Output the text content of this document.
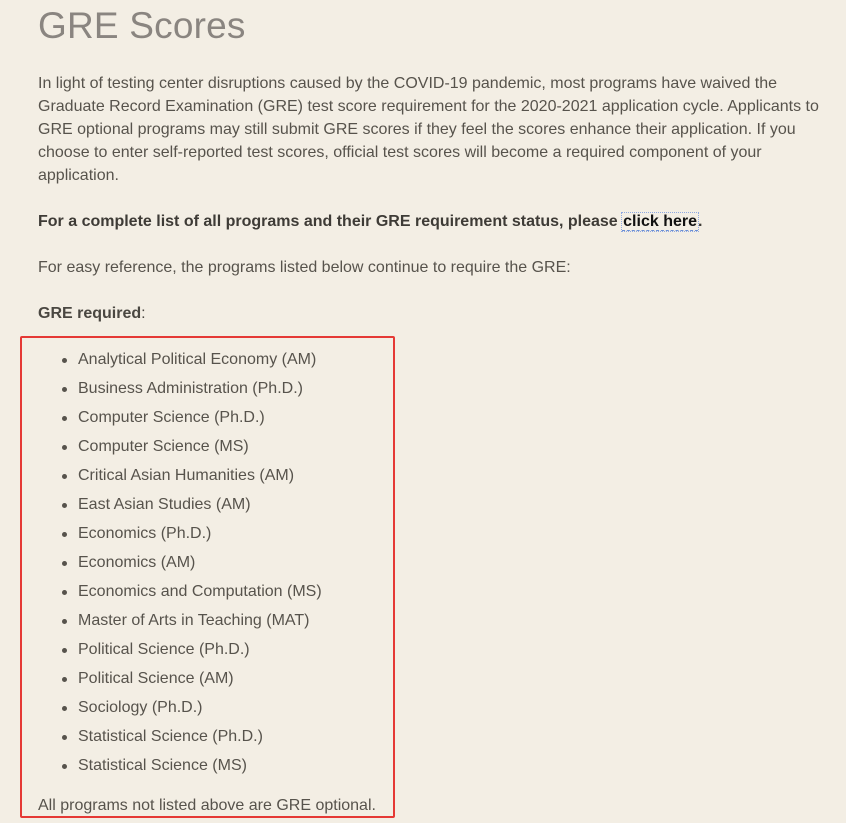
GRE Scores

In light of testing center disruptions caused by the COVID-19 pandemic, most programs have waived the Graduate Record Examination (GRE) test score requirement for the 2020-2021 application cycle. Applicants to GRE optional programs may still submit GRE scores if they feel the scores enhance their application. If you choose to enter self-reported test scores, official test scores will become a required component of your application.

For a complete list of all programs and their GRE requirement status, please click here.

For easy reference, the programs listed below continue to require the GRE:

GRE required:

Analytical Political Economy (AM)
Business Administration (Ph.D.)
Computer Science (Ph.D.)
Computer Science (MS)
Critical Asian Humanities (AM)
East Asian Studies (AM)
Economics (Ph.D.)
Economics (AM)
Economics and Computation (MS)
Master of Arts in Teaching (MAT)
Political Science (Ph.D.)
Political Science (AM)
Sociology (Ph.D.)
Statistical Science (Ph.D.)
Statistical Science (MS)

All programs not listed above are GRE optional.
